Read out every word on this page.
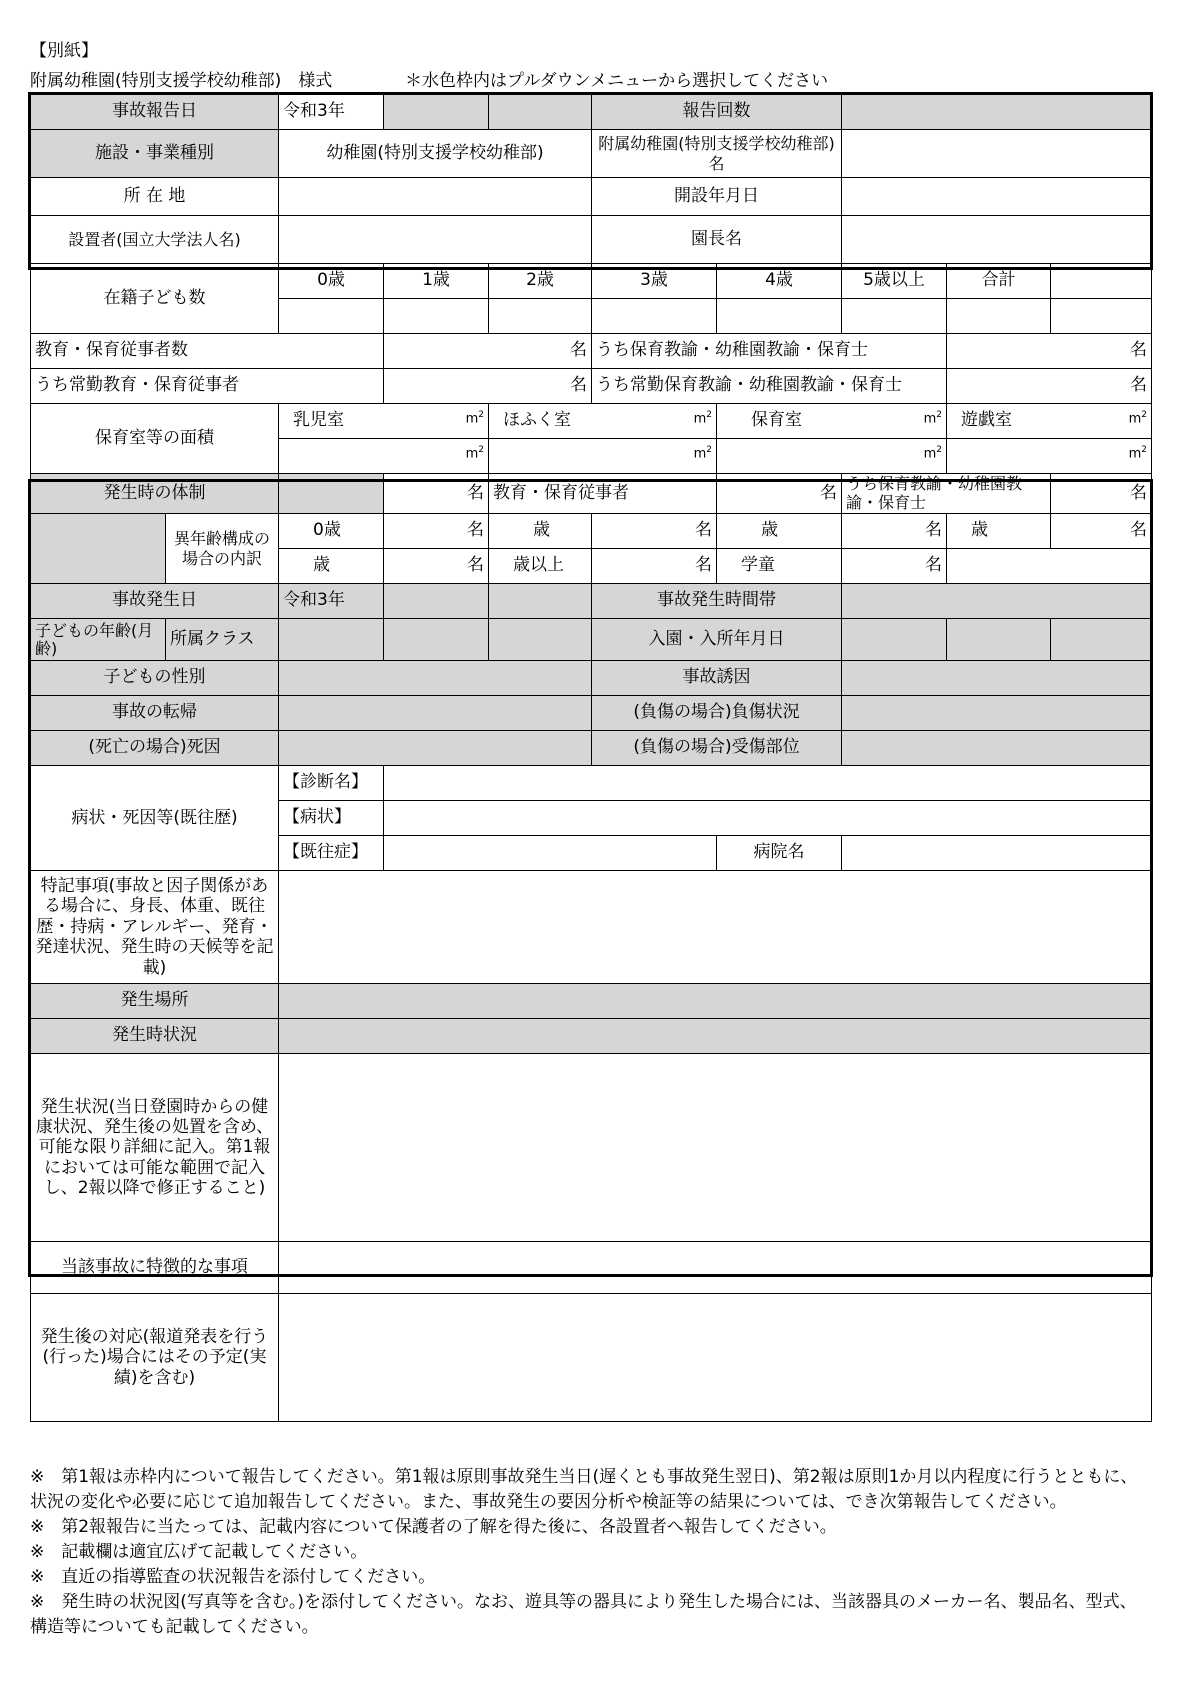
【別紙】
附属幼稚園(特別支援学校幼稚部)　様式	＊水色枠内はプルダウンメニューから選択してください
事故報告日		令和3年			報告回数				
施設・事業種別		幼稚園(特別支援学校幼稚部)			附属幼稚園(特別支援学校幼稚部)名				
所 在 地					開設年月日				
設置者(国立大学法人名)					園長名				
在籍子ども数		0歳	1歳	2歳	3歳	4歳	5歳以上	合計	

教育・保育従事者数			名		うち保育教諭・幼稚園教諭・保育士			名	
うち常勤教育・保育従事者			名		うち常勤保育教諭・幼稚園教諭・保育士			名	
保育室等の面積		乳児室 $m^2$		ほふく室 $m^2$		保育室 $m^2$		遊戯室 $m^2$

		$m^2$		$m^2$		$m^2$		$m^2$

発生時の体制			名	教育・保育従事者		名	うち保育教諭・幼稚園教諭・保育士		名
	異年齢構成の場合の内訳	0歳	名	歳	名	歳	名	歳	名
		歳	名	歳以上	名	学童	名		
事故発生日		令和3年			事故発生時間帯				
子どもの年齢(月齢)	所属クラス				入園・入所年月日				
子どもの性別					事故誘因				
事故の転帰					(負傷の場合)負傷状況				
(死亡の場合)死因					(負傷の場合)受傷部位				
病状・死因等(既往歴)		【診断名】							
		【病状】							
		【既往症】				病院名			
特記事項(事故と因子関係がある場合に、身長、体重、既往歴・持病・アレルギー、発育・発達状況、発生時の天候等を記載)									
発生場所									
発生時状況									
発生状況(当日登園時からの健康状況、発生後の処置を含め、可能な限り詳細に記入。第1報においては可能な範囲で記入し、2報以降で修正すること)									
当該事故に特徴的な事項									
発生後の対応(報道発表を行う(行った)場合にはその予定(実績)を含む)									

※　第1報は赤枠内について報告してください。第1報は原則事故発生当日(遅くとも事故発生翌日)、第2報は原則1か月以内程度に行うとともに、状況の変化や必要に応じて追加報告してください。また、事故発生の要因分析や検証等の結果については、でき次第報告してください。

※　第2報報告に当たっては、記載内容について保護者の了解を得た後に、各設置者へ報告してください。

※　記載欄は適宜広げて記載してください。

※　直近の指導監査の状況報告を添付してください。

※　発生時の状況図(写真等を含む。)を添付してください。なお、遊具等の器具により発生した場合には、当該器具のメーカー名、製品名、型式、構造等についても記載してください。
